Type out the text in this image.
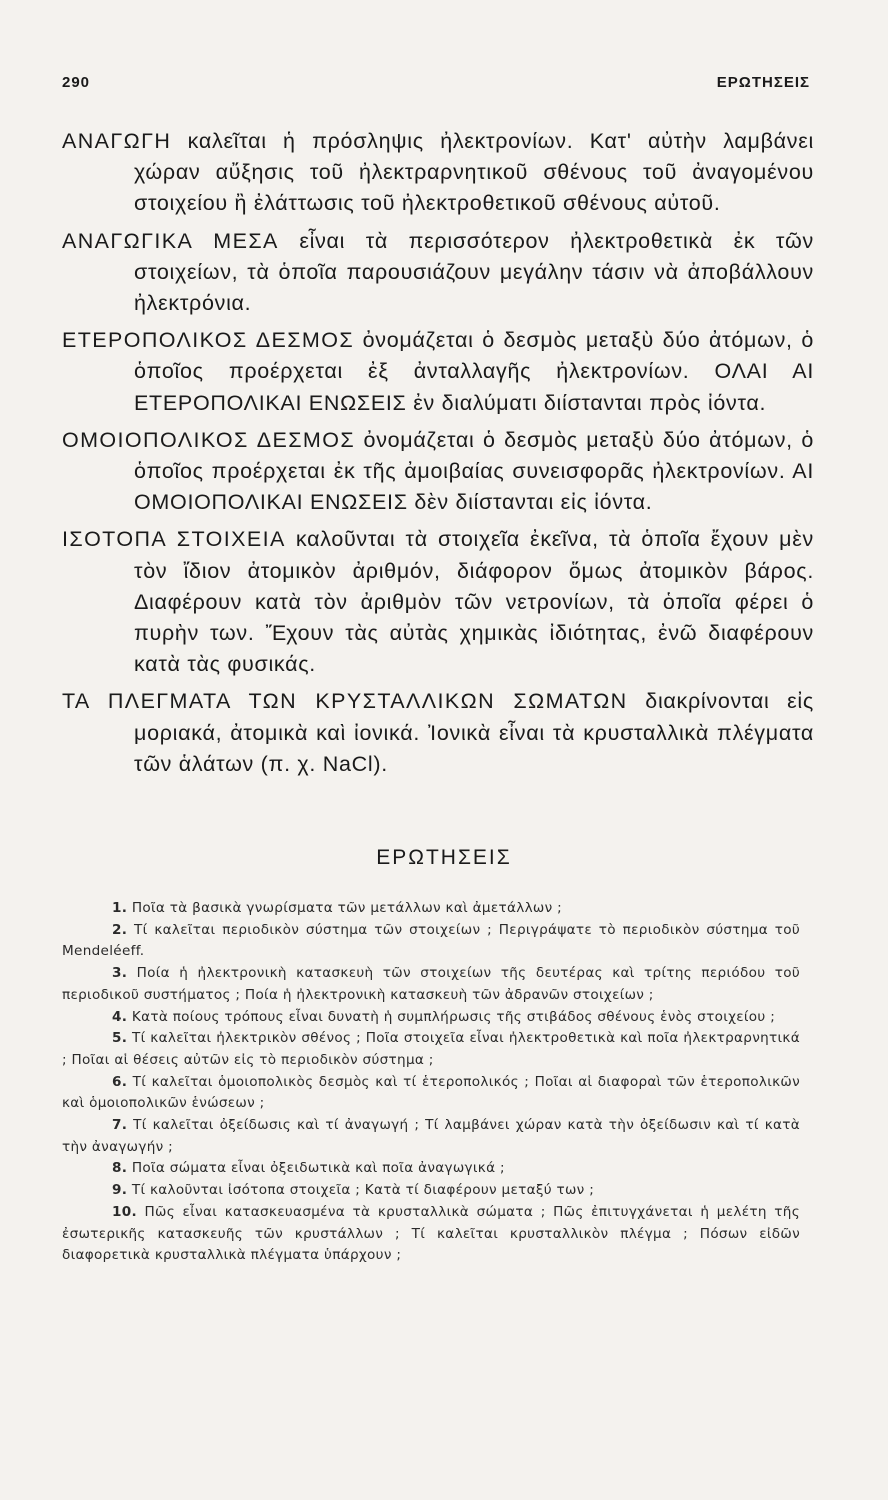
290	ΕΡΩΤΗΣΕΙΣ

ΑΝΑΓΩΓΗ καλεῖται ἡ πρόσληψις ἠλεκτρονίων. Κατ' αὐτὴν λαμβάνει χώραν αὔξησις τοῦ ἠλεκτραρνητικοῦ σθένους τοῦ ἀναγομένου στοιχείου ἢ ἐλάττωσις τοῦ ἠλεκτροθετικοῦ σθένους αὐτοῦ.

ΑΝΑΓΩΓΙΚΑ ΜΕΣΑ εἶναι τὰ περισσότερον ἠλεκτροθετικὰ ἐκ τῶν στοιχείων, τὰ ὁποῖα παρουσιάζουν μεγάλην τάσιν νὰ ἀποβάλλουν ἠλεκτρόνια.

ΕΤΕΡΟΠΟΛΙΚΟΣ ΔΕΣΜΟΣ ὀνομάζεται ὁ δεσμὸς μεταξὺ δύο ἀτόμων, ὁ ὁποῖος προέρχεται ἐξ ἀνταλλαγῆς ἠλεκτρονίων. ΟΛΑΙ ΑΙ ΕΤΕΡΟΠΟΛΙΚΑΙ ΕΝΩΣΕΙΣ ἐν διαλύματι διίστανται πρὸς ἰόντα.

ΟΜΟΙΟΠΟΛΙΚΟΣ ΔΕΣΜΟΣ ὀνομάζεται ὁ δεσμὸς μεταξὺ δύο ἀτόμων, ὁ ὁποῖος προέρχεται ἐκ τῆς ἀμοιβαίας συνεισφορᾶς ἠλεκτρονίων. ΑΙ ΟΜΟΙΟΠΟΛΙΚΑΙ ΕΝΩΣΕΙΣ δὲν διίστανται εἰς ἰόντα.

ΙΣΟΤΟΠΑ ΣΤΟΙΧΕΙΑ καλοῦνται τὰ στοιχεῖα ἐκεῖνα, τὰ ὁποῖα ἔχουν μὲν τὸν ἴδιον ἀτομικὸν ἀριθμόν, διάφορον ὅμως ἀτομικὸν βάρος. Διαφέρουν κατὰ τὸν ἀριθμὸν τῶν νετρονίων, τὰ ὁποῖα φέρει ὁ πυρὴν των. Ἔχουν τὰς αὐτὰς χημικὰς ἰδιότητας, ἐνῶ διαφέρουν κατὰ τὰς φυσικάς.

ΤΑ ΠΛΕΓΜΑΤΑ ΤΩΝ ΚΡΥΣΤΑΛΛΙΚΩΝ ΣΩΜΑΤΩΝ διακρίνονται εἰς μοριακά, ἀτομικὰ καὶ ἰονικά. Ἰονικὰ εἶναι τὰ κρυσταλλικὰ πλέγματα τῶν ἁλάτων (π. χ. NaCl).

ΕΡΩΤΗΣΕΙΣ

1. Ποῖα τὰ βασικὰ γνωρίσματα τῶν μετάλλων καὶ ἀμετάλλων ;

2. Τί καλεῖται περιοδικὸν σύστημα τῶν στοιχείων ; Περιγράψατε τὸ περιοδικὸν σύστημα τοῦ Mendeléeff.

3. Ποία ἡ ἠλεκτρονικὴ κατασκευὴ τῶν στοιχείων τῆς δευτέρας καὶ τρίτης περιόδου τοῦ περιοδικοῦ συστήματος ; Ποία ἡ ἠλεκτρονικὴ κατασκευὴ τῶν ἀδρανῶν στοιχείων ;

4. Κατὰ ποίους τρόπους εἶναι δυνατὴ ἡ συμπλήρωσις τῆς στιβάδος σθένους ἑνὸς στοιχείου ;

5. Τί καλεῖται ἠλεκτρικὸν σθένος ; Ποῖα στοιχεῖα εἶναι ἠλεκτροθετικὰ καὶ ποῖα ἠλεκτραρνητικά ; Ποῖαι αἱ θέσεις αὐτῶν εἰς τὸ περιοδικὸν σύστημα ;

6. Τί καλεῖται ὁμοιοπολικὸς δεσμὸς καὶ τί ἑτεροπολικός ; Ποῖαι αἱ διαφοραὶ τῶν ἑτεροπολικῶν καὶ ὁμοιοπολικῶν ἑνώσεων ;

7. Τί καλεῖται ὀξείδωσις καὶ τί ἀναγωγή ; Τί λαμβάνει χώραν κατὰ τὴν ὀξείδωσιν καὶ τί κατὰ τὴν ἀναγωγήν ;

8. Ποῖα σώματα εἶναι ὀξειδωτικὰ καὶ ποῖα ἀναγωγικά ;

9. Τί καλοῦνται ἰσότοπα στοιχεῖα ; Κατὰ τί διαφέρουν μεταξύ των ;

10. Πῶς εἶναι κατασκευασμένα τὰ κρυσταλλικὰ σώματα ; Πῶς ἐπιτυγχάνεται ἡ μελέτη τῆς ἐσωτερικῆς κατασκευῆς τῶν κρυστάλλων ; Τί καλεῖται κρυσταλλικὸν πλέγμα ; Πόσων εἰδῶν διαφορετικὰ κρυσταλλικὰ πλέγματα ὑπάρχουν ;
